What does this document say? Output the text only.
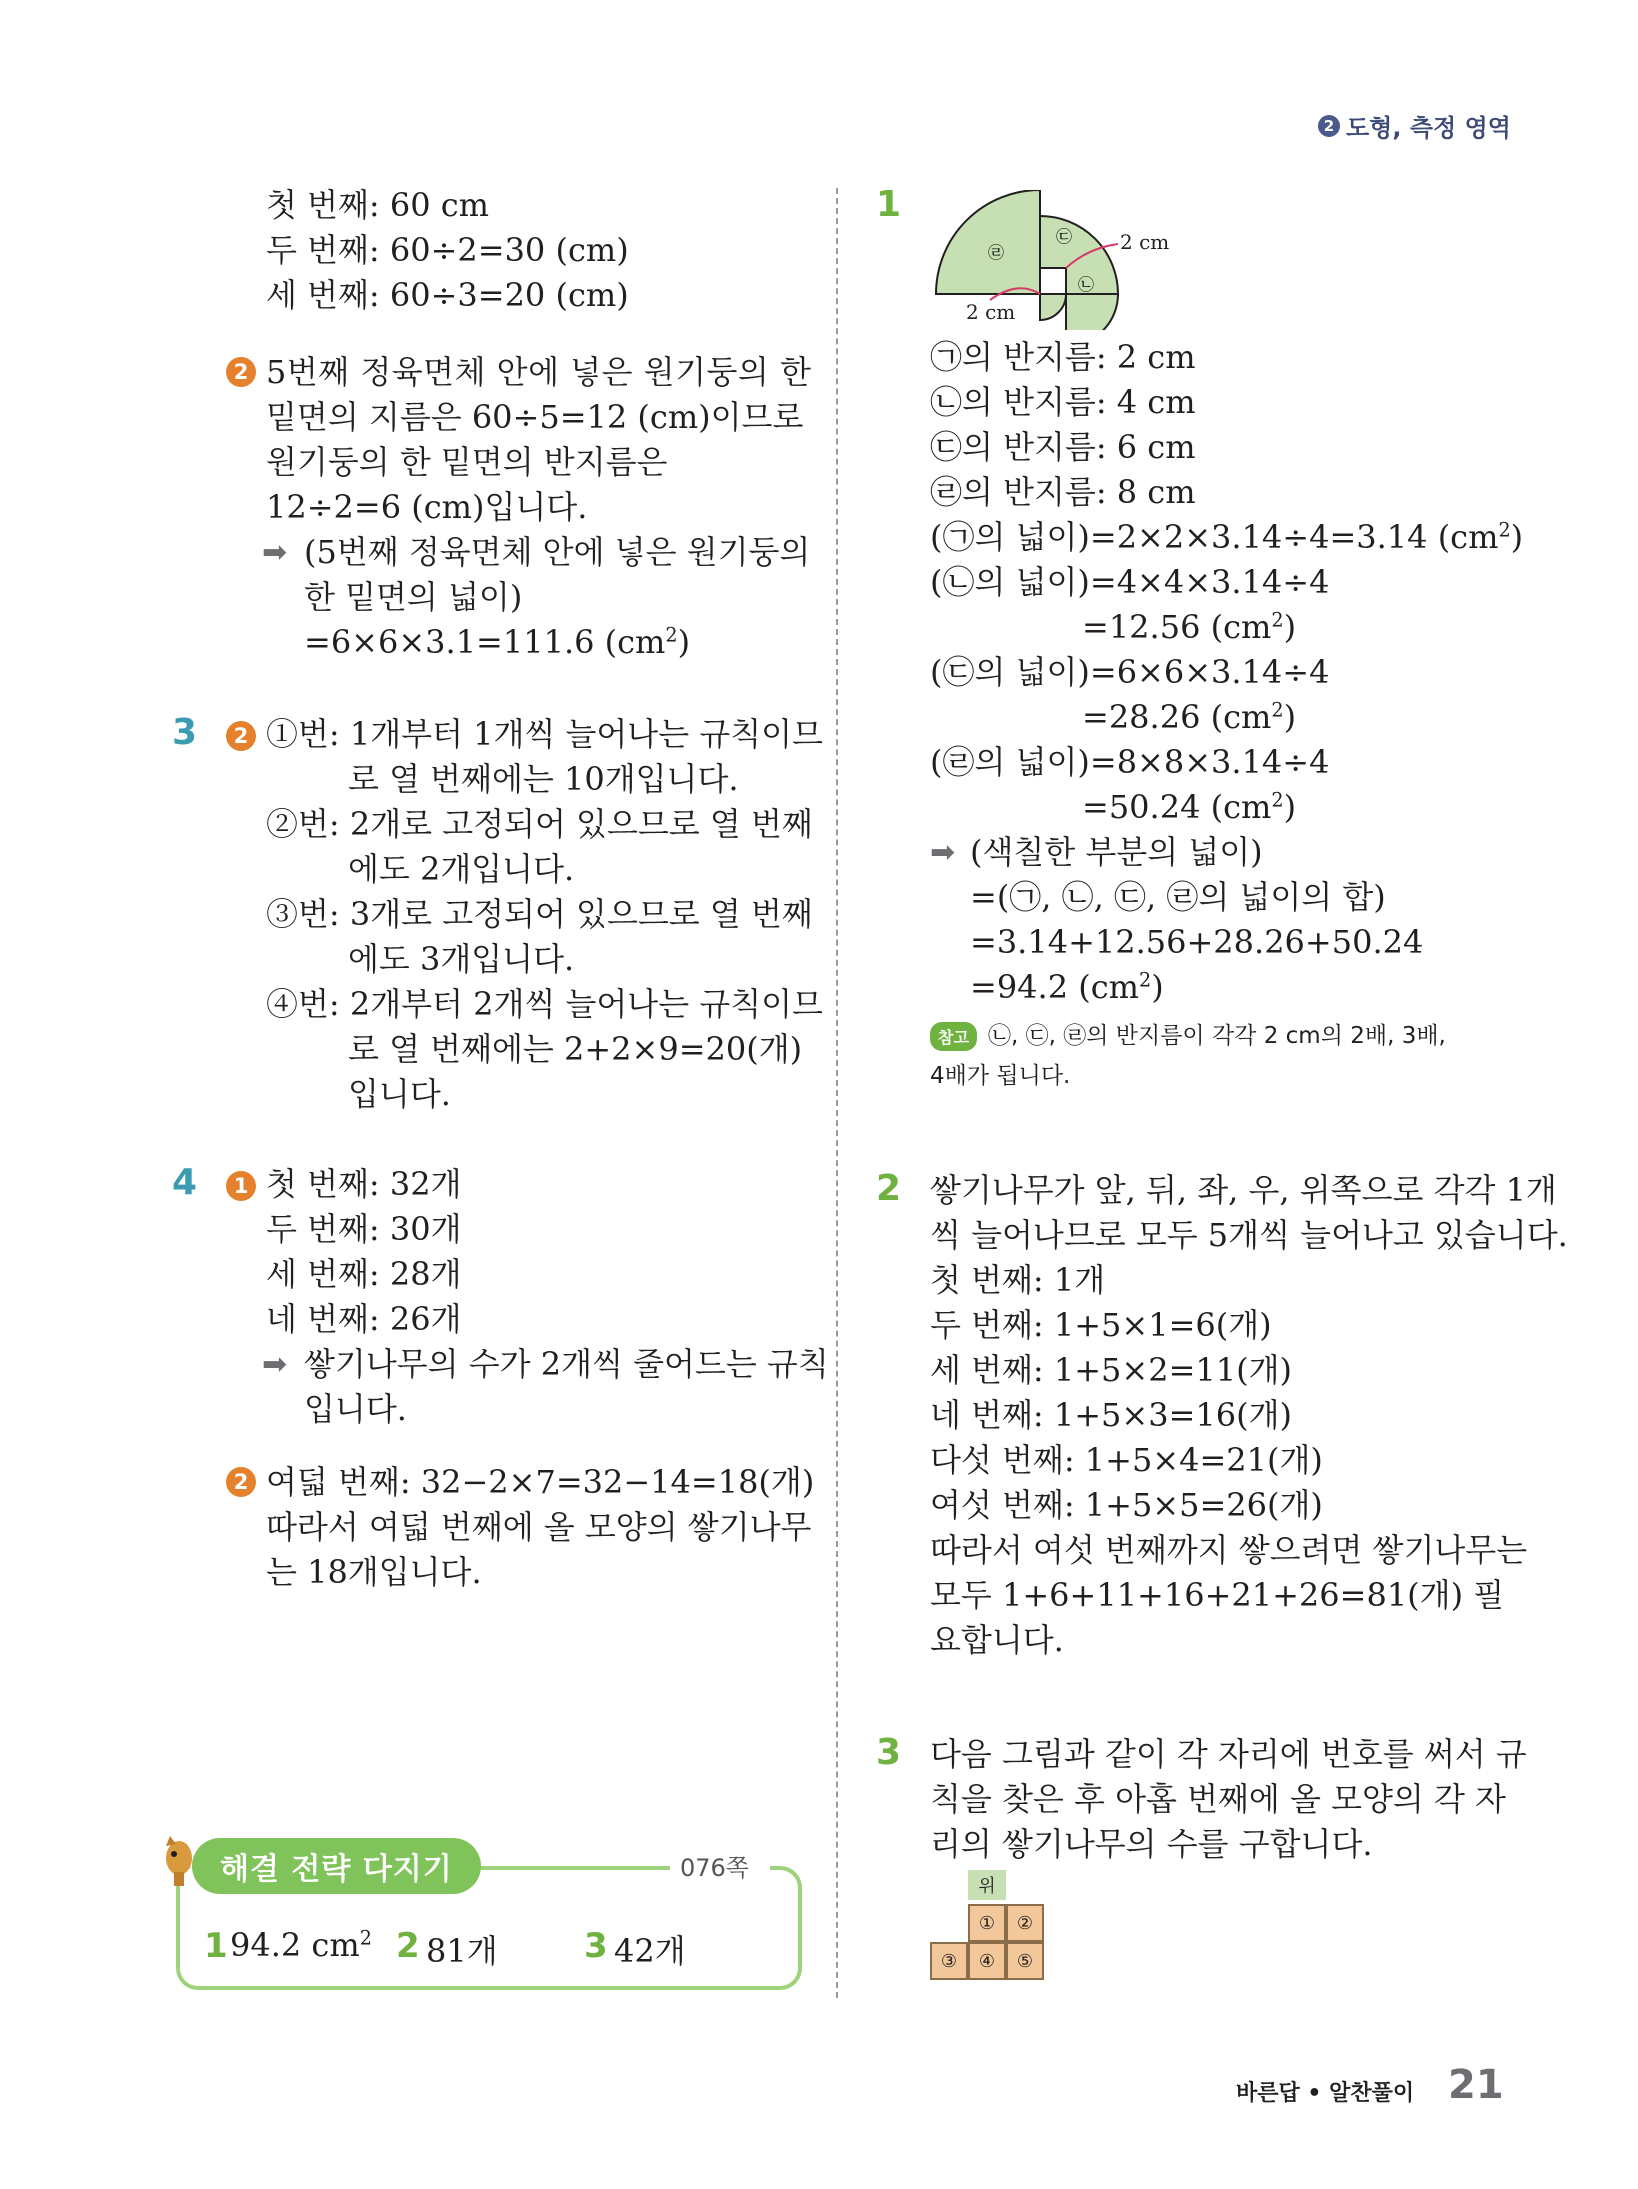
2 도형, 측정 영역
첫 번째: 60 cm
두 번째: 60÷2=30 (cm)
세 번째: 60÷3=20 (cm)
2 5번째 정육면체 안에 넣은 원기둥의 한
밑면의 지름은 60÷5=12 (cm)이므로
원기둥의 한 밑면의 반지름은
12÷2=6 (cm)입니다.
➡ (5번째 정육면체 안에 넣은 원기둥의
한 밑면의 넓이)
=6×6×3.1=111.6 $(cm^2)$
3	2 ①번: 1개부터 1개씩 늘어나는 규칙이므
로 열 번째에는 10개입니다.
②번: 2개로 고정되어 있으므로 열 번째
에도 2개입니다.
③번: 3개로 고정되어 있으므로 열 번째
에도 3개입니다.
④번: 2개부터 2개씩 늘어나는 규칙이므
로 열 번째에는 2+2×9=20(개)
입니다.
4	1 첫 번째: 32개
두 번째: 30개
세 번째: 28개
네 번째: 26개
➡ 쌓기나무의 수가 2개씩 줄어드는 규칙
입니다.
2 여덟 번째: 32−2×7=32−14=18(개)
따라서 여덟 번째에 올 모양의 쌓기나무
는 18개입니다.
해결 전략 다지기	076쪽
1 94.2 $cm^2$ 2 81개	3 42개
1
㉣
㉢
㉡
2 cm
2 cm
㉠의 반지름: 2 cm
㉡의 반지름: 4 cm
㉢의 반지름: 6 cm
㉣의 반지름: 8 cm
(㉠의 넓이)=2×2×3.14÷4=3.14 $(cm^2)$
(㉡의 넓이)=4×4×3.14÷4
=12.56 $(cm^2)$
(㉢의 넓이)=6×6×3.14÷4
=28.26 $(cm^2)$
(㉣의 넓이)=8×8×3.14÷4
=50.24 $(cm^2)$
➡ (색칠한 부분의 넓이)
=(㉠, ㉡, ㉢, ㉣의 넓이의 합)
=3.14+12.56+28.26+50.24
=94.2 $(cm^2)$
참고 ㉡, ㉢, ㉣의 반지름이 각각 2 cm의 2배, 3배,
4배가 됩니다.
2 쌓기나무가 앞, 뒤, 좌, 우, 위쪽으로 각각 1개
씩 늘어나므로 모두 5개씩 늘어나고 있습니다.
첫 번째: 1개
두 번째: 1+5×1=6(개)
세 번째: 1+5×2=11(개)
네 번째: 1+5×3=16(개)
다섯 번째: 1+5×4=21(개)
여섯 번째: 1+5×5=26(개)
따라서 여섯 번째까지 쌓으려면 쌓기나무는
모두 1+6+11+16+21+26=81(개) 필
요합니다.
3 다음 그림과 같이 각 자리에 번호를 써서 규
칙을 찾은 후 아홉 번째에 올 모양의 각 자
리의 쌓기나무의 수를 구합니다.
위
①	②
③	④	⑤
바른답 • 알찬풀이 21
